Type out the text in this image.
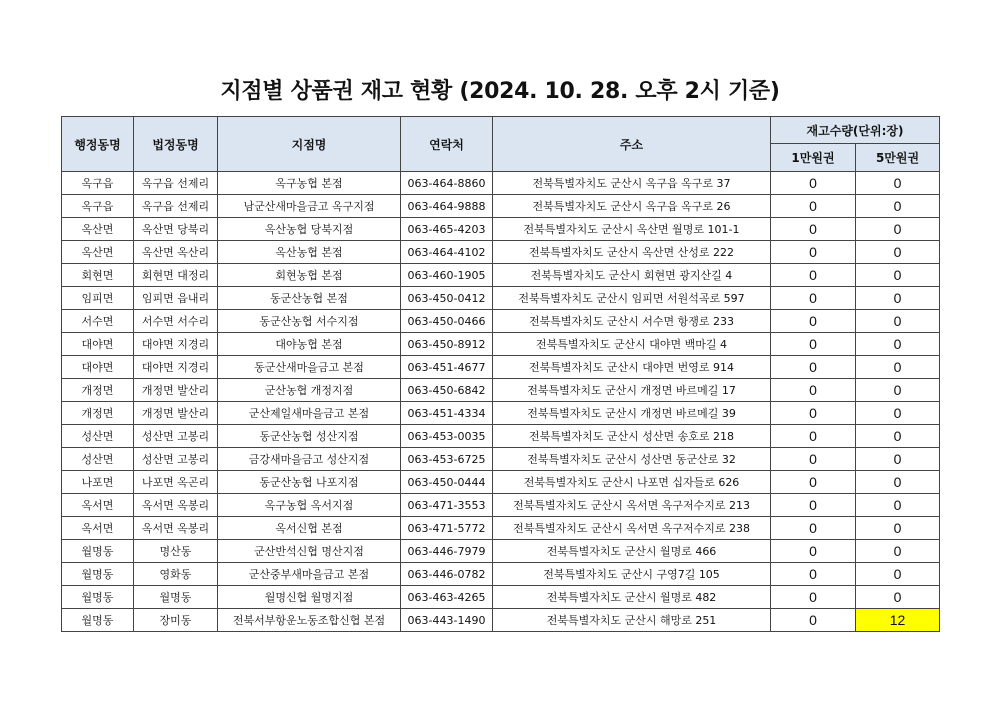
지점별 상품권 재고 현황 (2024. 10. 28. 오후 2시 기준)
행정동명	법정동명	지점명	연락처	주소	재고수량(단위:장)	
					1만원권	5만원권
옥구읍	옥구읍 선제리	옥구농협 본점	063-464-8860	전북특별자치도 군산시 옥구읍 옥구로 37	0	0
옥구읍	옥구읍 선제리	남군산새마을금고 옥구지점	063-464-9888	전북특별자치도 군산시 옥구읍 옥구로 26	0	0
옥산면	옥산면 당북리	옥산농협 당북지점	063-465-4203	전북특별자치도 군산시 옥산면 월명로 101-1	0	0
옥산면	옥산면 옥산리	옥산농협 본점	063-464-4102	전북특별자치도 군산시 옥산면 산성로 222	0	0
회현면	회현면 대정리	회현농협 본점	063-460-1905	전북특별자치도 군산시 회현면 광지산길 4	0	0
임피면	임피면 읍내리	동군산농협 본점	063-450-0412	전북특별자치도 군산시 임피면 서원석곡로 597	0	0
서수면	서수면 서수리	동군산농협 서수지점	063-450-0466	전북특별자치도 군산시 서수면 항쟁로 233	0	0
대야면	대야면 지경리	대야농협 본점	063-450-8912	전북특별자치도 군산시 대야면 백마길 4	0	0
대야면	대야면 지경리	동군산새마을금고 본점	063-451-4677	전북특별자치도 군산시 대야면 번영로 914	0	0
개정면	개정면 발산리	군산농협 개정지점	063-450-6842	전북특별자치도 군산시 개정면 바르메길 17	0	0
개정면	개정면 발산리	군산제일새마을금고 본점	063-451-4334	전북특별자치도 군산시 개정면 바르메길 39	0	0
성산면	성산면 고봉리	동군산농협 성산지점	063-453-0035	전북특별자치도 군산시 성산면 송호로 218	0	0
성산면	성산면 고봉리	금강새마을금고 성산지점	063-453-6725	전북특별자치도 군산시 성산면 동군산로 32	0	0
나포면	나포면 옥곤리	동군산농협 나포지점	063-450-0444	전북특별자치도 군산시 나포면 십자들로 626	0	0
옥서면	옥서면 옥봉리	옥구농협 옥서지점	063-471-3553	전북특별자치도 군산시 옥서면 옥구저수지로 213	0	0
옥서면	옥서면 옥봉리	옥서신협 본점	063-471-5772	전북특별자치도 군산시 옥서면 옥구저수지로 238	0	0
월명동	명산동	군산반석신협 명산지점	063-446-7979	전북특별자치도 군산시 월명로 466	0	0
월명동	영화동	군산중부새마을금고 본점	063-446-0782	전북특별자치도 군산시 구영7길 105	0	0
월명동	월명동	월명신협 월명지점	063-463-4265	전북특별자치도 군산시 월명로 482	0	0
월명동	장미동	전북서부항운노동조합신협 본점	063-443-1490	전북특별자치도 군산시 해망로 251	0	12
